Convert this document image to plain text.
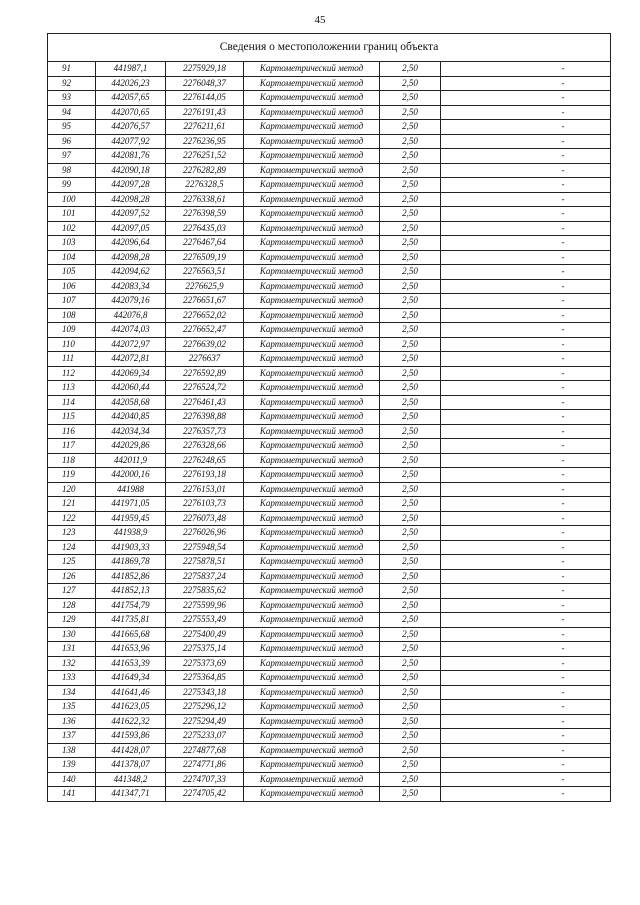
45
Сведения о местоположении границ объекта					
91	441987,1	2275929,18	Картометрический метод	2,50	-
92	442026,23	2276048,37	Картометрический метод	2,50	-
93	442057,65	2276144,05	Картометрический метод	2,50	-
94	442070,65	2276191,43	Картометрический метод	2,50	-
95	442076,57	2276211,61	Картометрический метод	2,50	-
96	442077,92	2276236,95	Картометрический метод	2,50	-
97	442081,76	2276251,52	Картометрический метод	2,50	-
98	442090,18	2276282,89	Картометрический метод	2,50	-
99	442097,28	2276328,5	Картометрический метод	2,50	-
100	442098,28	2276338,61	Картометрический метод	2,50	-
101	442097,52	2276398,59	Картометрический метод	2,50	-
102	442097,05	2276435,03	Картометрический метод	2,50	-
103	442096,64	2276467,64	Картометрический метод	2,50	-
104	442098,28	2276509,19	Картометрический метод	2,50	-
105	442094,62	2276563,51	Картометрический метод	2,50	-
106	442083,34	2276625,9	Картометрический метод	2,50	-
107	442079,16	2276651,67	Картометрический метод	2,50	-
108	442076,8	2276652,02	Картометрический метод	2,50	-
109	442074,03	2276652,47	Картометрический метод	2,50	-
110	442072,97	2276639,02	Картометрический метод	2,50	-
111	442072,81	2276637	Картометрический метод	2,50	-
112	442069,34	2276592,89	Картометрический метод	2,50	-
113	442060,44	2276524,72	Картометрический метод	2,50	-
114	442058,68	2276461,43	Картометрический метод	2,50	-
115	442040,85	2276398,88	Картометрический метод	2,50	-
116	442034,34	2276357,73	Картометрический метод	2,50	-
117	442029,86	2276328,66	Картометрический метод	2,50	-
118	442011,9	2276248,65	Картометрический метод	2,50	-
119	442000,16	2276193,18	Картометрический метод	2,50	-
120	441988	2276153,01	Картометрический метод	2,50	-
121	441971,05	2276103,73	Картометрический метод	2,50	-
122	441959,45	2276073,48	Картометрический метод	2,50	-
123	441938,9	2276026,96	Картометрический метод	2,50	-
124	441903,33	2275948,54	Картометрический метод	2,50	-
125	441869,78	2275878,51	Картометрический метод	2,50	-
126	441852,86	2275837,24	Картометрический метод	2,50	-
127	441852,13	2275835,62	Картометрический метод	2,50	-
128	441754,79	2275599,96	Картометрический метод	2,50	-
129	441735,81	2275553,49	Картометрический метод	2,50	-
130	441665,68	2275400,49	Картометрический метод	2,50	-
131	441653,96	2275375,14	Картометрический метод	2,50	-
132	441653,39	2275373,69	Картометрический метод	2,50	-
133	441649,34	2275364,85	Картометрический метод	2,50	-
134	441641,46	2275343,18	Картометрический метод	2,50	-
135	441623,05	2275296,12	Картометрический метод	2,50	-
136	441622,32	2275294,49	Картометрический метод	2,50	-
137	441593,86	2275233,07	Картометрический метод	2,50	-
138	441428,07	2274877,68	Картометрический метод	2,50	-
139	441378,07	2274771,86	Картометрический метод	2,50	-
140	441348,2	2274707,33	Картометрический метод	2,50	-
141	441347,71	2274705,42	Картометрический метод	2,50	-
